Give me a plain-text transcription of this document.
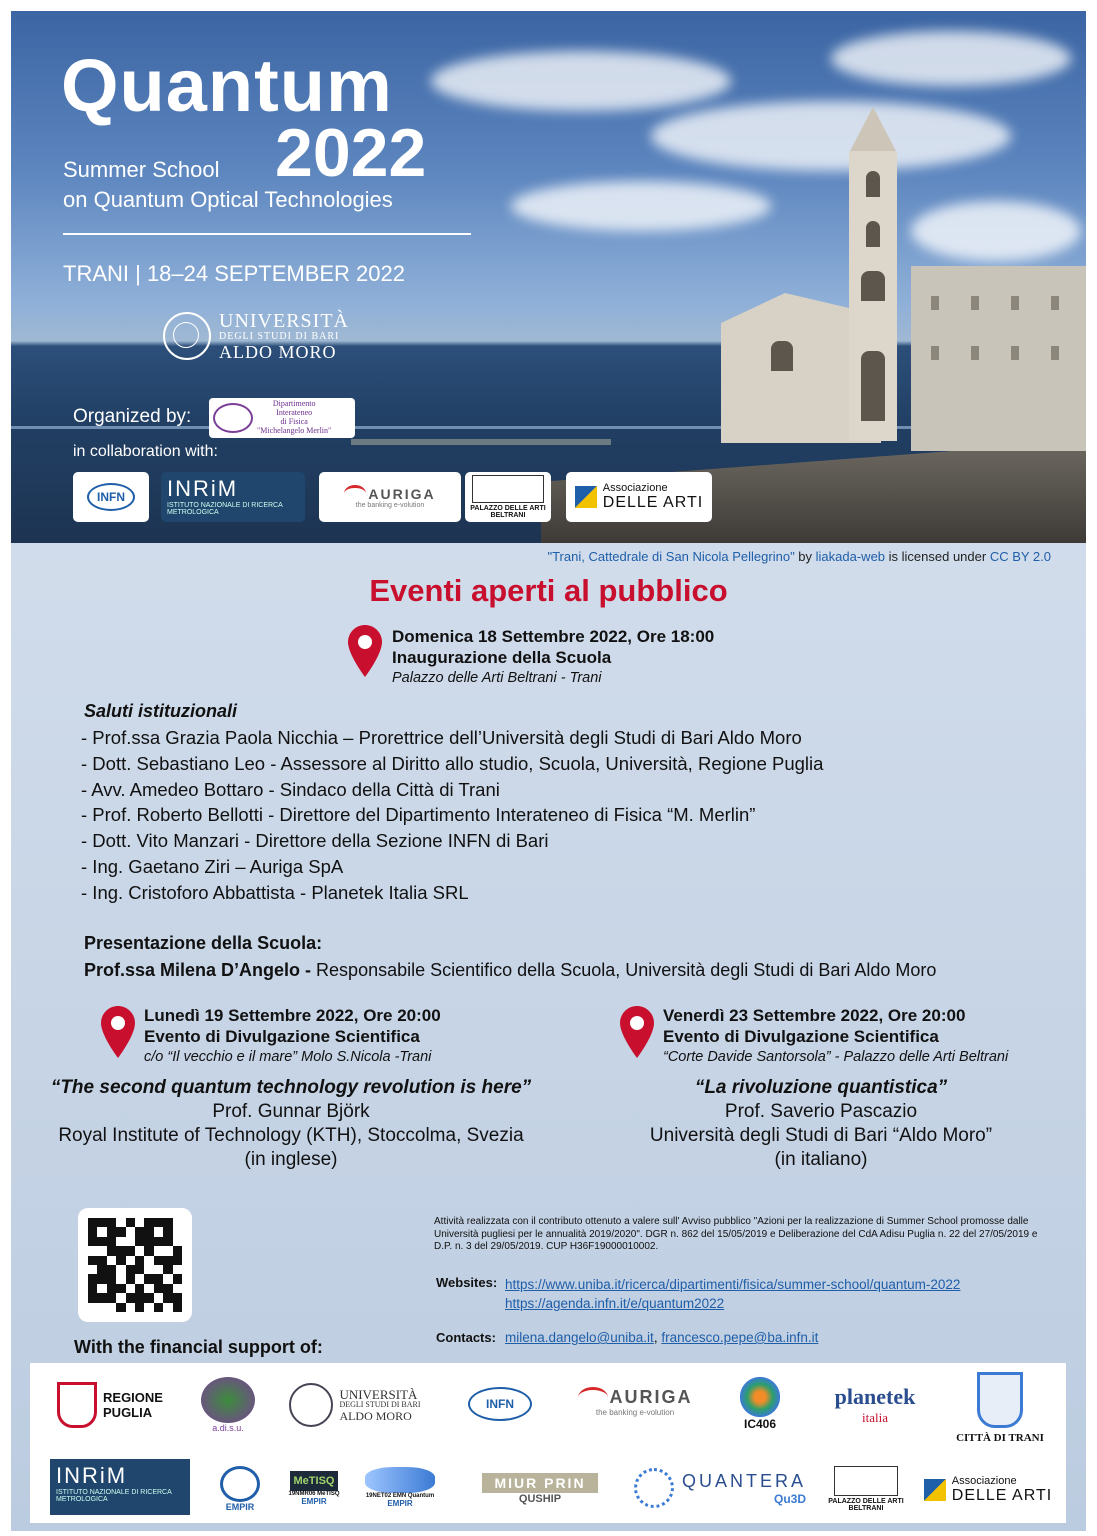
Quantum
2022
Summer School
on Quantum Optical Technologies
TRANI | 18–24 SEPTEMBER 2022
UNIVERSITÀ
DEGLI STUDI DI BARI
ALDO MORO
Organized by:
Dipartimento
Interateneo
di Fisica
"Michelangelo Merlin"
in collaboration with:
INFN	INRiM
ISTITUTO NAZIONALE DI RICERCA METROLOGICA
AURIGA
the banking e-volution	PALAZZO DELLE ARTI
BELTRANI
Associazione
DELLE ARTI
"Trani, Cattedrale di San Nicola Pellegrino" by liakada-web is licensed under CC BY 2.0
Eventi aperti al pubblico
Domenica 18 Settembre 2022, Ore 18:00
Inaugurazione della Scuola
Palazzo delle Arti Beltrani - Trani
Saluti istituzionali
- Prof.ssa Grazia Paola Nicchia – Prorettrice dell’Università degli Studi di Bari Aldo Moro
- Dott. Sebastiano Leo - Assessore al Diritto allo studio, Scuola, Università, Regione Puglia
- Avv. Amedeo Bottaro - Sindaco della Città di Trani
- Prof. Roberto Bellotti - Direttore del Dipartimento Interateneo di Fisica “M. Merlin”
- Dott. Vito Manzari - Direttore della Sezione INFN di Bari
- Ing. Gaetano Ziri – Auriga SpA
- Ing. Cristoforo Abbattista - Planetek Italia SRL
Presentazione della Scuola:
Prof.ssa Milena D’Angelo - Responsabile Scientifico della Scuola, Università degli Studi di Bari Aldo Moro
Lunedì 19 Settembre 2022, Ore 20:00
Evento di Divulgazione Scientifica
c/o “Il vecchio e il mare” Molo S.Nicola -Trani
“The second quantum technology revolution is here”
Prof. Gunnar Björk
Royal Institute of Technology (KTH), Stoccolma, Svezia
(in inglese)
Venerdì 23 Settembre 2022, Ore 20:00
Evento di Divulgazione Scientifica
“Corte Davide Santorsola” - Palazzo delle Arti Beltrani
“La rivoluzione quantistica”
Prof. Saverio Pascazio
Università degli Studi di Bari “Aldo Moro”
(in italiano)
With the financial support of:
Attività realizzata con il contributo ottenuto a valere sull' Avviso pubblico "Azioni per la realizzazione di Summer School promosse dalle Università pugliesi per le annualità 2019/2020". DGR n. 862 del 15/05/2019 e Deliberazione del CdA Adisu Puglia n. 22 del 27/05/2019 e D.P. n. 3 del 29/05/2019. CUP H36F19000010002.
Websites: https://www.uniba.it/ricerca/dipartimenti/fisica/summer-school/quantum-2022
https://agenda.infn.it/e/quantum2022
Contacts: milena.dangelo@uniba.it, francesco.pepe@ba.infn.it
REGIONE
PUGLIA
a.di.s.u.
UNIVERSITÀ
DEGLI STUDI DI BARI
ALDO MORO
INFN	AURIGA
the banking e-volution
IC406
planetek
italia
CITTÀ DI TRANI
INRiM
ISTITUTO NAZIONALE DI RICERCA METROLOGICA
EMPIR
MeTISQ
19NMR06 MeTISQ
EMPIR
19NET02 EMN Quantum
EMPIR
MIUR PRIN
QUSHIP
QUANTERA
Qu3D	PALAZZO DELLE ARTI
BELTRANI
Associazione
DELLE ARTI
